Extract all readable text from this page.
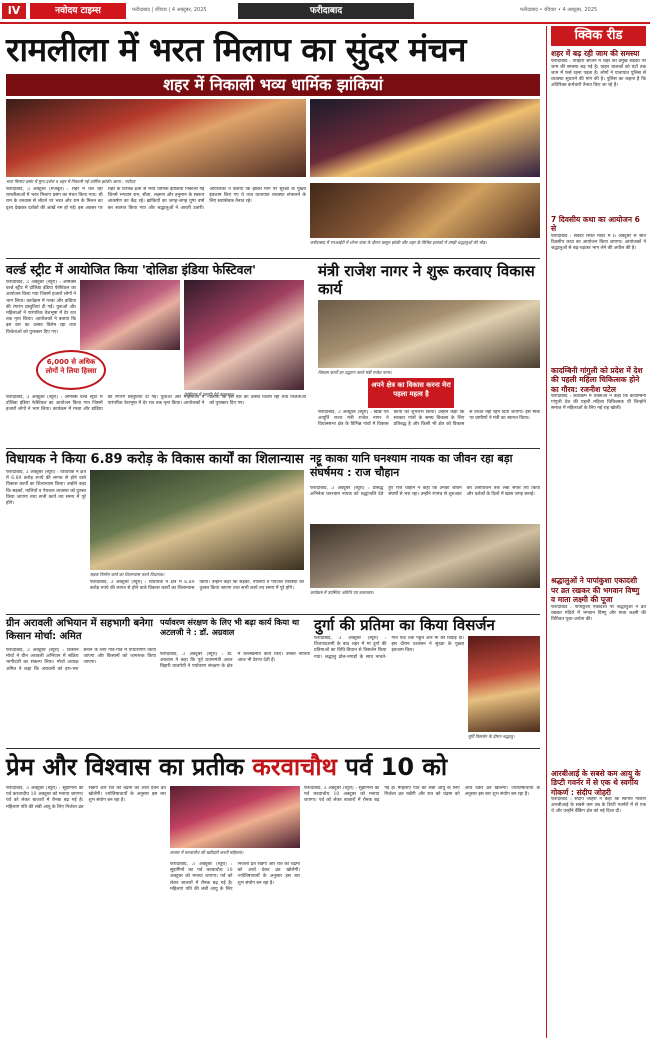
IV	नवोदय टाइम्स	फरीदाबाद | रविवार | 4 अक्टूबर, 2025	फरीदाबाद	फरीदाबाद • रविवार • 4 अक्टूबर, 2025
रामलीला में भरत मिलाप का सुंदर मंचन
शहर में निकाली भव्य धार्मिक झांकियां
भरत मिलाप प्रसंग में मुग्ध दर्शक व शहर में निकाली गई धार्मिक झांकी। छाया : नवोदय
फरीदाबाद, 3 अक्टूबर (मजबूत) : शहर में चल रही रामलीलाओं में भरत मिलाप प्रसंग का मंचन किया गया। श्री राम के वनवास से लौटने पर भरत और राम के मिलन का दृश्य देखकर दर्शकों की आंखें नम हो गईं। इस अवसर पर शहर के विभिन्न क्षेत्रों से भव्य धार्मिक झांकियां निकाली गईं जिनमें भगवान राम, सीता, लक्ष्मण और हनुमान के स्वरूप आकर्षण का केंद्र रहे। झांकियों का जगह-जगह पुष्प वर्षा कर स्वागत किया गया और श्रद्धालुओं ने आरती उतारी। आयोजकों ने बताया कि झांकी मार्ग पर सुरक्षा के पुख्ता इंतजाम किए गए थे तथा यातायात व्यवस्था संभालने के लिए स्वयंसेवक तैनात रहे।
फरीदाबाद में एनआईटी में शोभा यात्रा के दौरान प्रस्तुत झांकी और शहर के विभिन्न इलाकों में उमड़ी श्रद्धालुओं की भीड़।
वर्ल्ड स्ट्रीट में आयोजित किया 'दोलिडा इंडिया फेस्टिवल'
6,000 से अधिक लोगों ने लिया हिस्सा
फेस्टिवल में प्रस्तुति देते कलाकार।
फरीदाबाद, 3 अक्टूबर (ब्यूरो) : ओमेक्स वर्ल्ड स्ट्रीट में दोलिडा इंडिया फेस्टिवल का आयोजन किया गया जिसमें हजारों लोगों ने भाग लिया। कार्यक्रम में गरबा और डांडिया की रंगारंग प्रस्तुतियां दी गईं। युवाओं और महिलाओं ने पारंपरिक वेशभूषा में देर रात तक नृत्य किया। आयोजकों ने बताया कि इस बार का उत्सव विशेष रहा तथा विजेताओं को पुरस्कार दिए गए।
फरीदाबाद, 3 अक्टूबर (ब्यूरो) : ओमेक्स वर्ल्ड स्ट्रीट में दोलिडा इंडिया फेस्टिवल का आयोजन किया गया जिसमें हजारों लोगों ने भाग लिया। कार्यक्रम में गरबा और डांडिया की रंगारंग प्रस्तुतियां दी गईं। युवाओं और महिलाओं ने पारंपरिक वेशभूषा में देर रात तक नृत्य किया। आयोजकों ने बताया कि इस बार का उत्सव विशेष रहा तथा विजेताओं को पुरस्कार दिए गए।
मंत्री राजेश नागर ने शुरू करवाए विकास कार्य
विकास कार्यों का उद्घाटन करते मंत्री राजेश नागर।
अपने क्षेत्र का विकास करना मेरा पहला महत्व है
फरीदाबाद, 3 अक्टूबर (ब्यूरो) : खाद्य एवं आपूर्ति राज्य मंत्री राजेश नागर ने विधानसभा क्षेत्र के विभिन्न गांवों में विकास कार्यों का शुभारंभ किया। उन्होंने कहा कि सरकार गांवों के समग्र विकास के लिए प्रतिबद्ध है और किसी भी क्षेत्र को विकास से वंचित नहीं रहने दिया जाएगा। इस मौके पर ग्रामीणों ने मंत्री का स्वागत किया।
विधायक ने किया 6.89 करोड़ के विकास कार्यों का शिलान्यास
फरीदाबाद, 3 अक्टूबर (ब्यूरो) : विधायक ने क्षेत्र में 6.89 करोड़ रुपये की लागत से होने वाले विकास कार्यों का शिलान्यास किया। उन्होंने कहा कि सड़कों, नालियों व पेयजल व्यवस्था को दुरुस्त किया जाएगा तथा सभी कार्य तय समय में पूरे होंगे।
सड़क निर्माण कार्य का शिलान्यास करते विधायक।
फरीदाबाद, 3 अक्टूबर (ब्यूरो) : विधायक ने क्षेत्र में 6.89 करोड़ रुपये की लागत से होने वाले विकास कार्यों का शिलान्यास किया। उन्होंने कहा कि सड़कों, नालियों व पेयजल व्यवस्था को दुरुस्त किया जाएगा तथा सभी कार्य तय समय में पूरे होंगे।
नट्टू काका यानि घनश्याम नायक का जीवन रहा बड़ा संघर्षमय : राज चौहान
फरीदाबाद, 3 अक्टूबर (ब्यूरो) : प्रसिद्ध अभिनेता घनश्याम नायक को श्रद्धांजलि देते हुए राज चौहान ने कहा कि उनका जीवन संघर्षों से भरा रहा। उन्होंने रंगमंच से शुरुआत कर टेलीविजन तक लंबा सफर तय किया और दर्शकों के दिलों में खास जगह बनाई।
कार्यक्रम में उपस्थित अतिथि एवं कलाकार।
ग्रीन अरावली अभियान में सहभागी बनेगा किसान मोर्चा: अमित
फरीदाबाद, 3 अक्टूबर (ब्यूरो) : किसान मोर्चा ने ग्रीन अरावली अभियान में सक्रिय भागीदारी का संकल्प लिया। मोर्चा अध्यक्ष अमित ने कहा कि अरावली को हरा-भरा बनाने के लिए गांव-गांव में पौधारोपण किया जाएगा और किसानों को जागरूक किया जाएगा।
पर्यावरण संरक्षण के लिए भी बढ़ा कार्य किया था अटलजी ने : डॉ. अग्रवाल
फरीदाबाद, 3 अक्टूबर (ब्यूरो) : डॉ. अग्रवाल ने कहा कि पूर्व प्रधानमंत्री अटल बिहारी वाजपेयी ने पर्यावरण संरक्षण के क्षेत्र में उल्लेखनीय कार्य किए। उनकी नीतियां आज भी प्रेरणा देती हैं।
दुर्गा की प्रतिमा का किया विसर्जन
फरीदाबाद, 3 अक्टूबर (ब्यूरो) : विजयादशमी के बाद शहर में मां दुर्गा की प्रतिमाओं का विधि-विधान से विसर्जन किया गया। श्रद्धालु ढोल-नगाड़ों के साथ नाचते-गाते घाट तक पहुंचे और मां को विदाई दी। इस दौरान प्रशासन ने सुरक्षा के पुख्ता इंतजाम किए।
मूर्ति विसर्जन के दौरान श्रद्धालु।
प्रेम और विश्वास का प्रतीक करवाचौथ पर्व 10 को
फरीदाबाद, 3 अक्टूबर (ब्यूरो) : सुहागिनों का पर्व करवाचौथ 10 अक्टूबर को मनाया जाएगा। पर्व को लेकर बाजारों में रौनक बढ़ गई है। महिलाएं पति की लंबी आयु के लिए निर्जला व्रत रखेंगी और रात को चंद्रमा को अर्घ्य देकर व्रत खोलेंगी। ज्योतिषाचार्यों के अनुसार इस बार शुभ संयोग बन रहा है।
बाजार में करवाचौथ की खरीदारी करती महिलाएं।
फरीदाबाद, 3 अक्टूबर (ब्यूरो) : सुहागिनों का पर्व करवाचौथ 10 अक्टूबर को मनाया जाएगा। पर्व को लेकर बाजारों में रौनक बढ़ गई है। महिलाएं पति की लंबी आयु के लिए निर्जला व्रत रखेंगी और रात को चंद्रमा को अर्घ्य देकर व्रत खोलेंगी। ज्योतिषाचार्यों के अनुसार इस बार शुभ संयोग बन रहा है।
फरीदाबाद, 3 अक्टूबर (ब्यूरो) : सुहागिनों का पर्व करवाचौथ 10 अक्टूबर को मनाया जाएगा। पर्व को लेकर बाजारों में रौनक बढ़ गई है। महिलाएं पति की लंबी आयु के लिए निर्जला व्रत रखेंगी और रात को चंद्रमा को अर्घ्य देकर व्रत खोलेंगी। ज्योतिषाचार्यों के अनुसार इस बार शुभ संयोग बन रहा है।
क्विक रीड
शहर में बढ़ रही जाम की समस्या
फरीदाबाद : त्योहारी सीजन में शहर की प्रमुख सड़कों पर जाम की समस्या बढ़ गई है। वाहन चालकों को घंटों तक जाम में फंसे रहना पड़ता है। लोगों ने यातायात पुलिस से व्यवस्था सुधारने की मांग की है। पुलिस का कहना है कि अतिरिक्त कर्मचारी तैनात किए जा रहे हैं।
7 दिवसीय कथा का आयोजन 6 से
फरीदाबाद : सेक्टर स्थित मंदिर में 6 अक्टूबर से सात दिवसीय कथा का आयोजन किया जाएगा। आयोजकों ने श्रद्धालुओं से बढ़-चढ़कर भाग लेने की अपील की है।
कादम्बिनी गांगुली को प्रदेश में देश की पहली महिला चिकित्सक होने का गौरव: रजनीश पटेल
फरीदाबाद : कार्यक्रम में वक्ताओं ने कहा कि कादम्बिनी गांगुली देश की पहली महिला चिकित्सक थीं जिन्होंने समाज में महिलाओं के लिए नई राह खोली।
श्रद्धालुओं ने पापांकुशा एकादशी पर व्रत रखकर की भगवान विष्णु व माता लक्ष्मी की पूजा
फरीदाबाद : पापांकुशा एकादशी पर श्रद्धालुओं ने व्रत रखकर मंदिरों में भगवान विष्णु और माता लक्ष्मी की विधिवत पूजा-अर्चना की।
आरबीआई के सबसे कम आयु के डिप्टी गवर्नर में से एक थे स्वर्गीय गोकर्ण : संदीप जोहरी
फरीदाबाद : संदीप जोहरी ने कहा कि स्वर्गीय गोकर्ण आरबीआई के सबसे कम उम्र के डिप्टी गवर्नरों में से एक थे और उन्होंने बैंकिंग क्षेत्र को नई दिशा दी।
